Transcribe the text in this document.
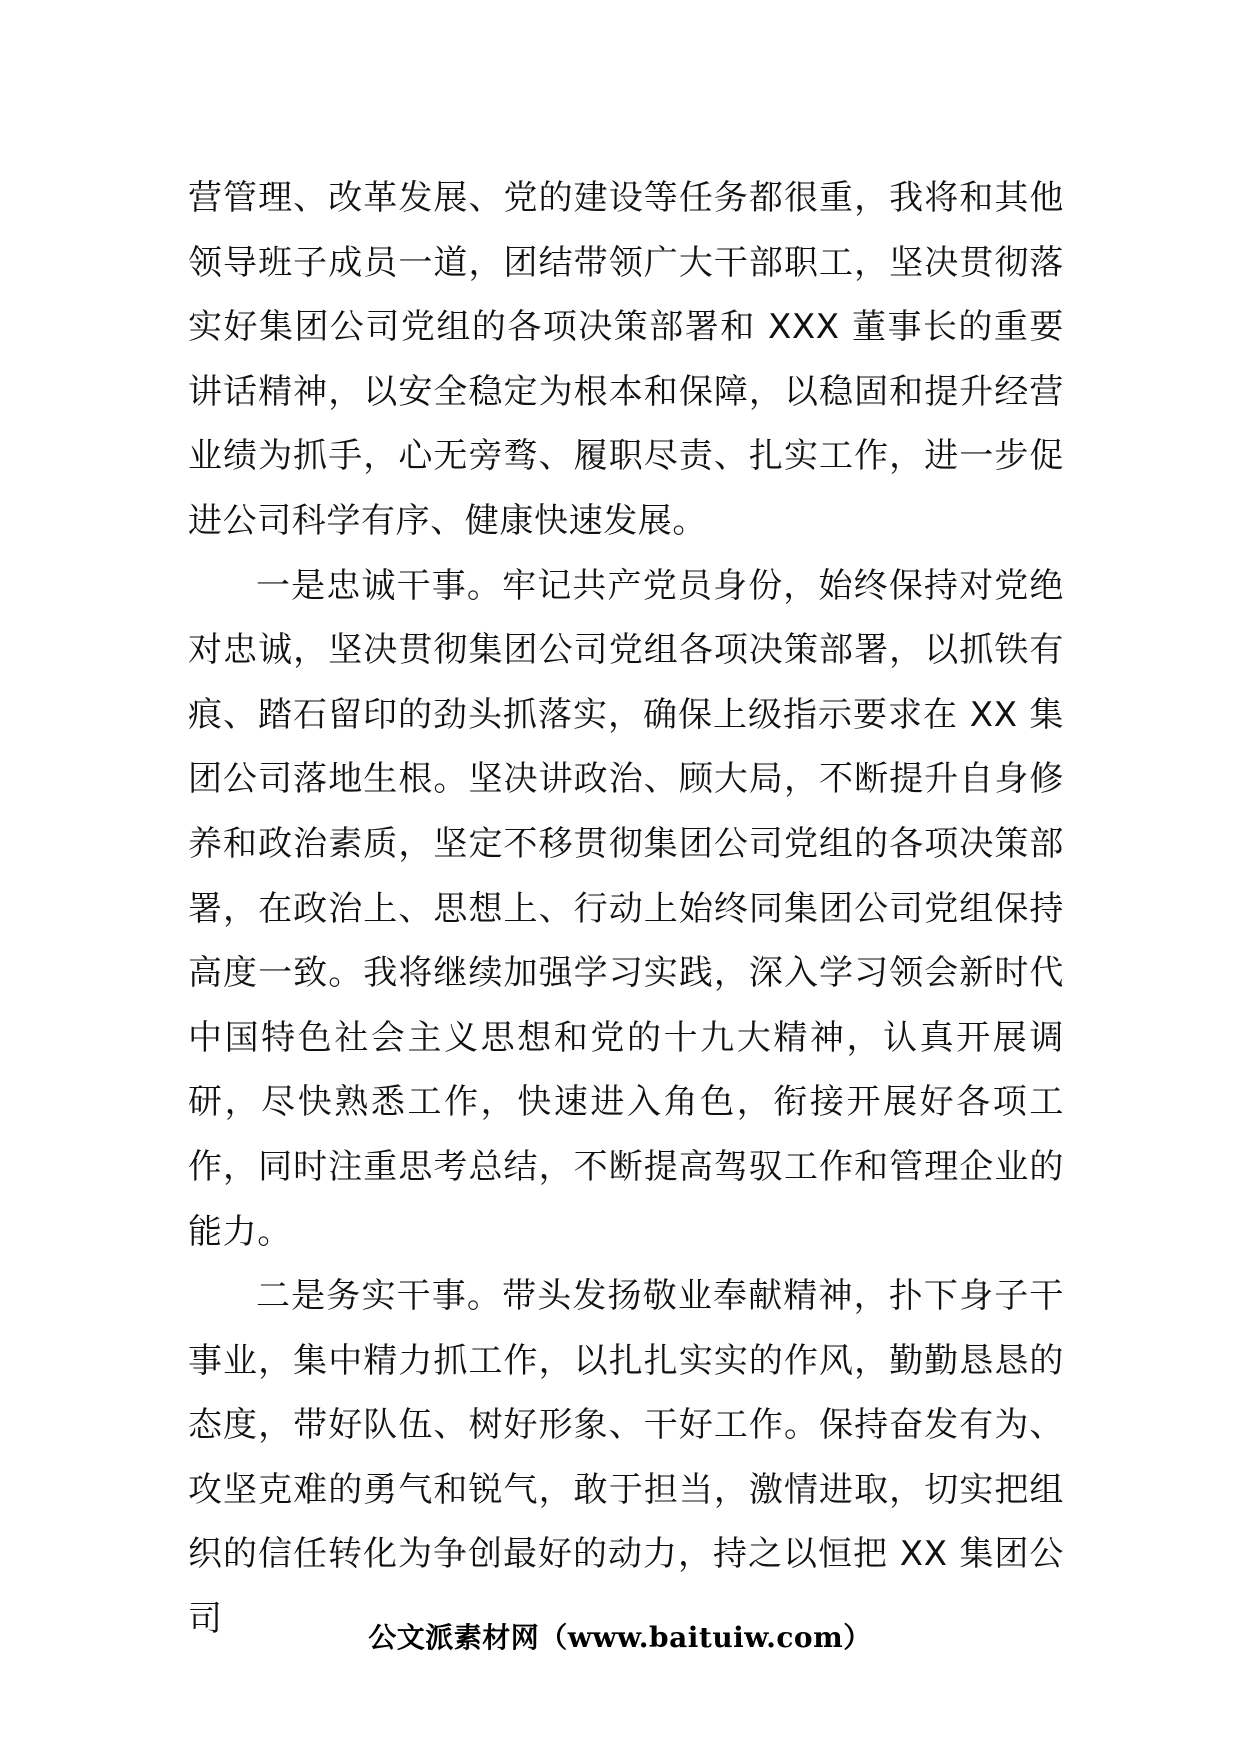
营管理、改革发展、党的建设等任务都很重，我将和其他领导班子成员一道，团结带领广大干部职工，坚决贯彻落实好集团公司党组的各项决策部署和 XXX 董事长的重要讲话精神，以安全稳定为根本和保障，以稳固和提升经营业绩为抓手，心无旁骛、履职尽责、扎实工作，进一步促进公司科学有序、健康快速发展。

一是忠诚干事。牢记共产党员身份，始终保持对党绝对忠诚，坚决贯彻集团公司党组各项决策部署，以抓铁有痕、踏石留印的劲头抓落实，确保上级指示要求在 XX 集团公司落地生根。坚决讲政治、顾大局，不断提升自身修养和政治素质，坚定不移贯彻集团公司党组的各项决策部署，在政治上、思想上、行动上始终同集团公司党组保持高度一致。我将继续加强学习实践，深入学习领会新时代中国特色社会主义思想和党的十九大精神，认真开展调研，尽快熟悉工作，快速进入角色，衔接开展好各项工作，同时注重思考总结，不断提高驾驭工作和管理企业的能力。

二是务实干事。带头发扬敬业奉献精神，扑下身子干事业，集中精力抓工作，以扎扎实实的作风，勤勤恳恳的态度，带好队伍、树好形象、干好工作。保持奋发有为、攻坚克难的勇气和锐气，敢于担当，激情进取，切实把组织的信任转化为争创最好的动力，持之以恒把 XX 集团公司	公文派素材网（www.baituiw.com）
